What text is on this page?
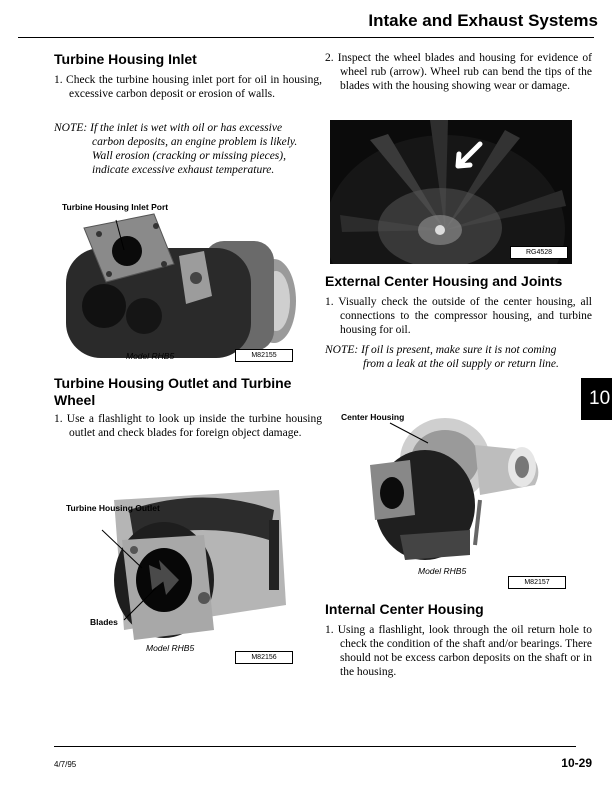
Intake and Exhaust Systems
Turbine Housing Inlet
1. Check the turbine housing inlet port for oil in housing, excessive carbon deposit or erosion of walls.
NOTE: If the inlet is wet with oil or has excessive carbon deposits, an engine problem is likely. Wall erosion (cracking or missing pieces), indicate excessive exhaust temperature.
Turbine Housing Inlet Port
Model RHB5	M82155
Turbine Housing Outlet and Turbine Wheel
1. Use a flashlight to look up inside the turbine housing outlet and check blades for foreign object damage.
Turbine Housing Outlet
Blades
Model RHB5
M82156
2. Inspect the wheel blades and housing for evidence of wheel rub (arrow). Wheel rub can bend the tips of the blades with the housing showing wear or damage.
RG4528
External Center Housing and Joints
1. Visually check the outside of the center housing, all connections to the compressor housing, and turbine housing for oil.
NOTE: If oil is present, make sure it is not coming from a leak at the oil supply or return line.
Center Housing
Model RHB5
M82157
Internal Center Housing
1. Using a flashlight, look through the oil return hole to check the condition of the shaft and/or bearings. There should not be excess carbon deposits on the shaft or in the housing.
10
4/7/95	10-29
